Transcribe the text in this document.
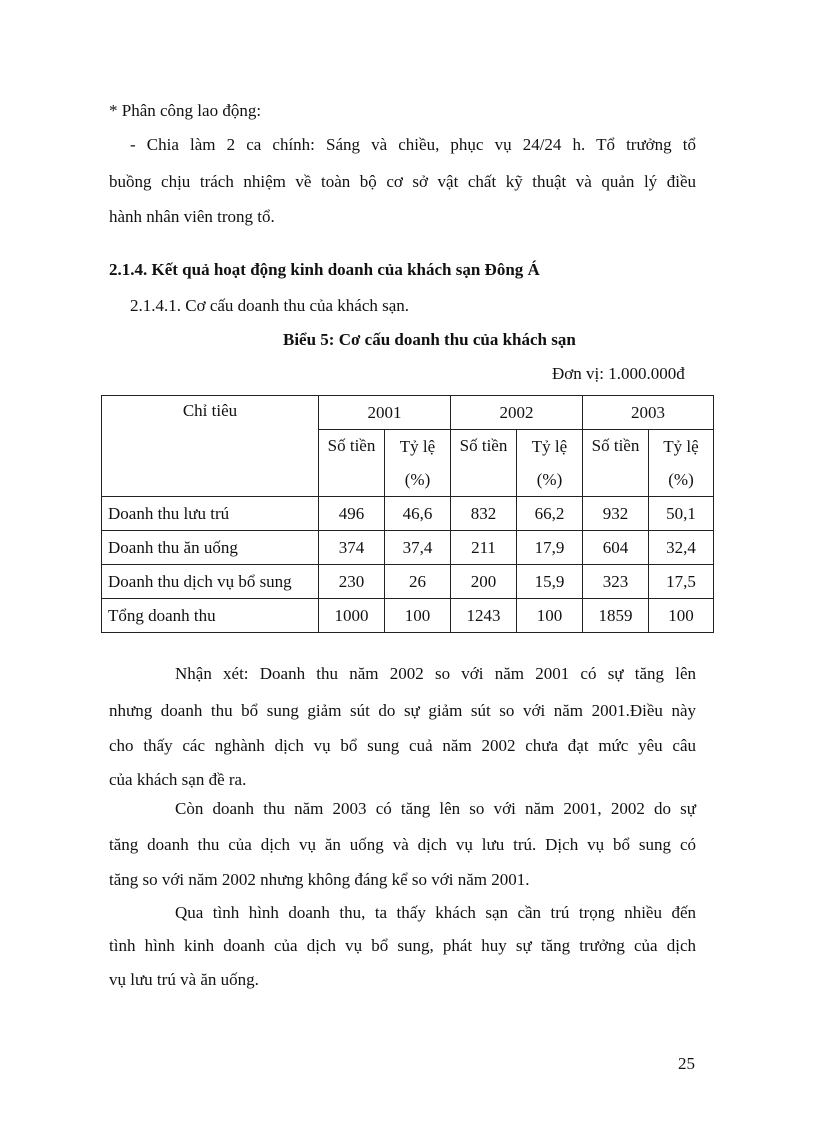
* Phân công lao động:
- Chia làm 2 ca chính: Sáng và chiều, phục vụ 24/24 h. Tổ trưởng tổ
buồng chịu trách nhiệm về toàn bộ cơ sở vật chất kỹ thuật và quản lý điều
hành nhân viên trong tổ.
2.1.4. Kết quả hoạt động kinh doanh của khách sạn Đông Á
2.1.4.1. Cơ cấu doanh thu của khách sạn.
Biểu 5: Cơ cấu doanh thu của khách sạn
Đơn vị: 1.000.000đ
Chỉ tiêu	2001		2002		2003	
	Số tiền	Tỷ lệ	Số tiền	Tỷ lệ	Số tiền	Tỷ lệ
		(%)		(%)		(%)
Doanh thu lưu trú	496	46,6	832	66,2	932	50,1
Doanh thu ăn uống	374	37,4	211	17,9	604	32,4
Doanh thu dịch vụ bổ sung	230	26	200	15,9	323	17,5
Tổng doanh thu	1000	100	1243	100	1859	100
Nhận xét: Doanh thu năm 2002 so với năm 2001 có sự tăng lên
nhưng doanh thu bổ sung giảm sút do sự giảm sút so với năm 2001.Điều này
cho thấy các nghành dịch vụ bổ sung cuả năm 2002 chưa đạt mức yêu câu
của khách sạn đề ra.
Còn doanh thu năm 2003 có tăng lên so với năm 2001, 2002 do sự
tăng doanh thu của dịch vụ ăn uống và dịch vụ lưu trú. Dịch vụ bổ sung có
tăng so với năm 2002 nhưng không đáng kể so với năm 2001.
Qua tình hình doanh thu, ta thấy khách sạn cần trú trọng nhiều đến
tình hình kinh doanh của dịch vụ bổ sung, phát huy sự tăng trưởng của dịch
vụ lưu trú và ăn uống.
25
